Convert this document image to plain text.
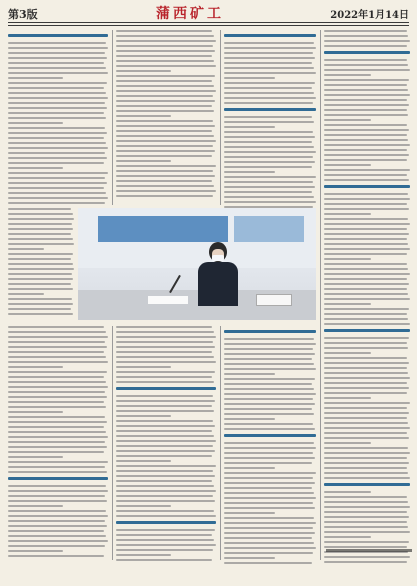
第3版	蒲西矿工	2022年1月14日
